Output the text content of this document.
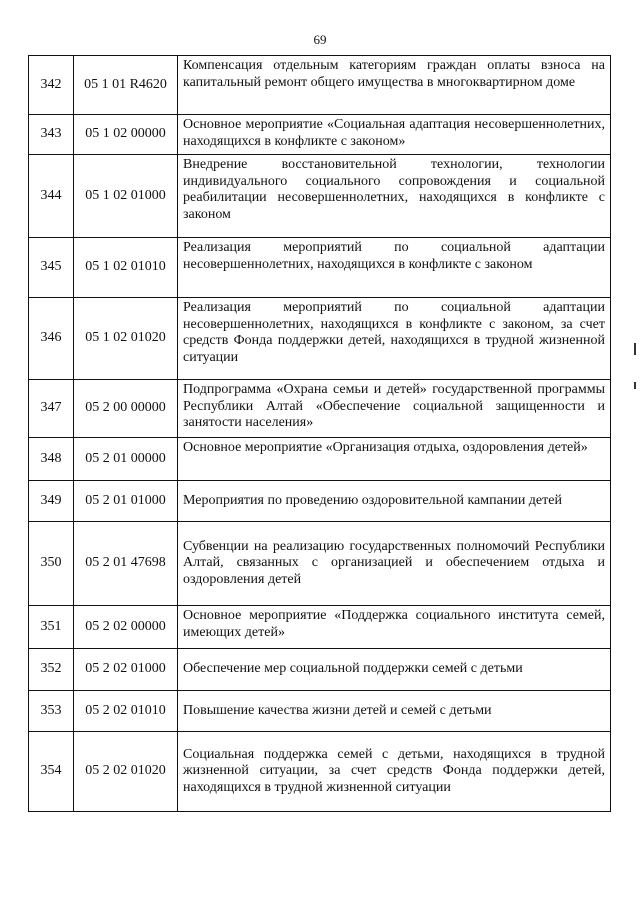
69
342	05 1 01 R4620	Компенсация отдельным категориям граждан оплаты взноса на капитальный ремонт общего имущества в многоквартирном доме
343	05 1 02 00000	Основное мероприятие «Социальная адаптация несовершеннолетних, находящихся в конфликте с законом»
344	05 1 02 01000	Внедрение восстановительной технологии, технологии индивидуального социального сопровождения и социальной реабилитации несовершеннолетних, находящихся в конфликте с законом
345	05 1 02 01010	Реализация мероприятий по социальной адаптации несовершеннолетних, находящихся в конфликте с законом
346	05 1 02 01020	Реализация мероприятий по социальной адаптации несовершеннолетних, находящихся в конфликте с законом, за счет средств Фонда поддержки детей, находящихся в трудной жизненной ситуации
347	05 2 00 00000	Подпрограмма «Охрана семьи и детей» государственной программы Республики Алтай «Обеспечение социальной защищенности и занятости населения»
348	05 2 01 00000	Основное мероприятие «Организация отдыха, оздоровления детей»
349	05 2 01 01000	Мероприятия по проведению оздоровительной кампании детей
350	05 2 01 47698	Субвенции на реализацию государственных полномочий Республики Алтай, связанных с организацией и обеспечением отдыха и оздоровления детей
351	05 2 02 00000	Основное мероприятие «Поддержка социального института семей, имеющих детей»
352	05 2 02 01000	Обеспечение мер социальной поддержки семей с детьми
353	05 2 02 01010	Повышение качества жизни детей и семей с детьми
354	05 2 02 01020	Социальная поддержка семей с детьми, находящихся в трудной жизненной ситуации, за счет средств Фонда поддержки детей, находящихся в трудной жизненной ситуации
